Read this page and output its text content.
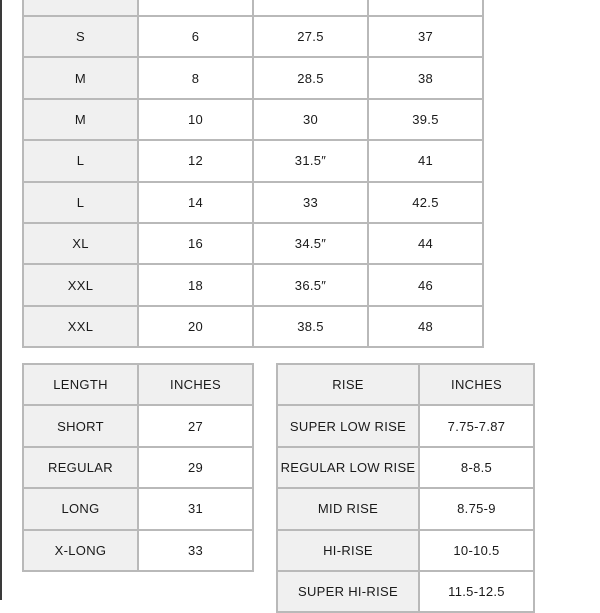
S	6	27.5	37
M	8	28.5	38
M	10	30	39.5
L	12	31.5″	41
L	14	33	42.5
XL	16	34.5″	44
XXL	18	36.5″	46
XXL	20	38.5	48
LENGTH	INCHES
SHORT	27
REGULAR	29
LONG	31
X-LONG	33
RISE	INCHES
SUPER LOW RISE	7.75-7.87
REGULAR LOW RISE	8-8.5
MID RISE	8.75-9
HI-RISE	10-10.5
SUPER HI-RISE	11.5-12.5
